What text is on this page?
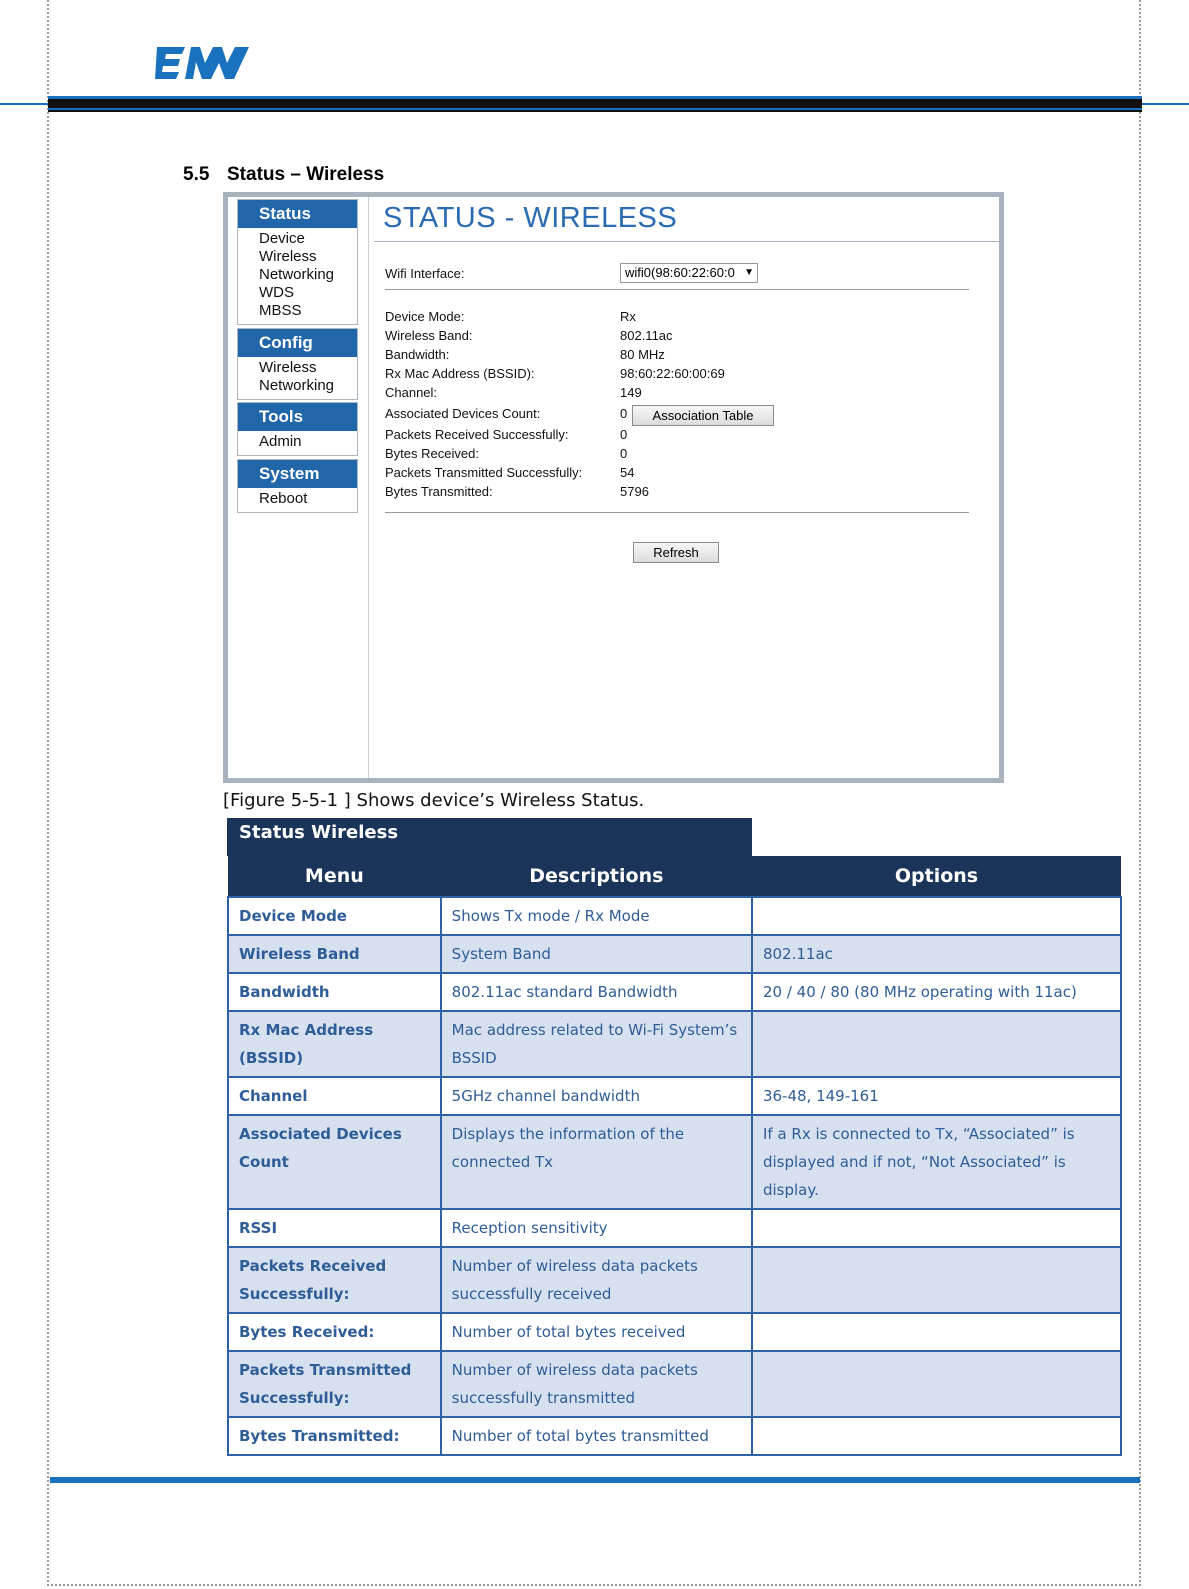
5.5 Status – Wireless
Status
Device
Wireless
Networking
WDS
MBSS
Config
Wireless
Networking
Tools
Admin
System
Reboot
STATUS - WIRELESS
Wifi Interface:	wifi0(98:60:22:60:0 ▼
Device Mode:	Rx
Wireless Band:	802.11ac
Bandwidth:	80 MHz
Rx Mac Address (BSSID):	98:60:22:60:00:69
Channel:	149
Associated Devices Count:	0	Association Table
Packets Received Successfully:	0
Bytes Received:	0
Packets Transmitted Successfully:	54
Bytes Transmitted:	5796
Refresh
[Figure 5-5-1 ] Shows device’s Wireless Status.
Status Wireless
Menu	Descriptions	Options
Device Mode	Shows Tx mode / Rx Mode	
Wireless Band	System Band	802.11ac
Bandwidth	802.11ac standard Bandwidth	20 / 40 / 80 (80 MHz operating with 11ac)
Rx Mac Address (BSSID)	Mac address related to Wi-Fi System’s BSSID	
Channel	5GHz channel bandwidth	36-48, 149-161
Associated Devices Count	Displays the information of the connected Tx	If a Rx is connected to Tx, “Associated” is displayed and if not, “Not Associated” is display.
RSSI	Reception sensitivity	
Packets Received Successfully:	Number of wireless data packets successfully received	
Bytes Received:	Number of total bytes received	
Packets Transmitted Successfully:	Number of wireless data packets successfully transmitted	
Bytes Transmitted:	Number of total bytes transmitted	
